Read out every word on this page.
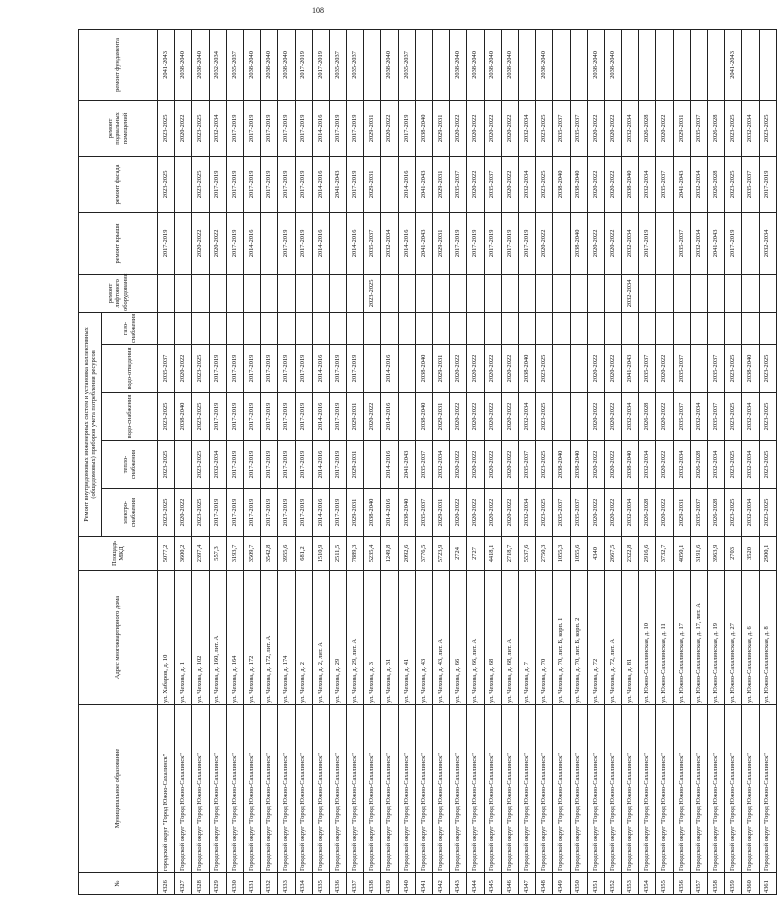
108
№	Муниципальное образование	Адрес многоквартирного дома	Площадь МКД	Ремонт внутридомовых инженерных систем и установка коллективных (общедомовых) приборов учета потребления ресурсов					ремонт лифтового оборудования	ремонт крыши	ремонт фасада	ремонт подвальных помещений	ремонт фундамента

				электро-снабжения	тепло-снабжения	водо-снабжения	водо-отведения	газо-снабжения					
4326	городской округ "Город Южно-Сахалинск"	ул. Хабаров, д. 10	5077,2	2023-2025	2023-2025	2023-2025	2035-2037			2017-2019	2023-2025	2023-2025	2041-2043
4327	Городской округ "Город Южно-Сахалинск"	ул. Чехова, д. 1	3600,2	2020-2022		2038-2040	2020-2022					2020-2022	2038-2040
4328	Городской округ "Город Южно-Сахалинск"	ул. Чехова, д. 102	2397,4	2023-2025	2023-2025	2023-2025	2023-2025			2020-2022	2023-2025	2023-2025	2038-2040
4329	Городской округ "Город Южно-Сахалинск"	ул. Чехова, д. 160, лит. А	557,3	2017-2019	2032-2034	2017-2019	2017-2019			2020-2022	2017-2019	2032-2034	2032-2034
4330	Городской округ "Город Южно-Сахалинск"	ул. Чехова, д. 164	3193,7	2017-2019	2017-2019	2017-2019	2017-2019			2017-2019	2017-2019	2017-2019	2035-2037
4331	Городской округ "Город Южно-Сахалинск"	ул. Чехова, д. 172	3509,7	2017-2019	2017-2019	2017-2019	2017-2019			2014-2016	2017-2019	2017-2019	2038-2040
4332	Городской округ "Город Южно-Сахалинск"	ул. Чехова, д. 172, лит. А	3542,8	2017-2019	2017-2019	2017-2019	2017-2019				2017-2019	2017-2019	2038-2040
4333	Городской округ "Город Южно-Сахалинск"	ул. Чехова, д. 174	3955,6	2017-2019	2017-2019	2017-2019	2017-2019			2017-2019	2017-2019	2017-2019	2038-2040
4334	Городской округ "Город Южно-Сахалинск"	ул. Чехова, д. 2	681,2	2017-2019	2017-2019	2017-2019	2017-2019			2017-2019	2017-2019	2017-2019	2017-2019
4335	Городской округ "Город Южно-Сахалинск"	ул. Чехова, д. 2, лит. А	1510,9	2014-2016	2014-2016	2014-2016	2014-2016			2014-2016	2014-2016	2014-2016	2017-2019
4336	Городской округ "Город Южно-Сахалинск"	ул. Чехова, д. 29	2511,5	2017-2019	2017-2019	2017-2019	2017-2019				2041-2043	2017-2019	2035-2037
4337	Городской округ "Город Южно-Сахалинск"	ул. Чехова, д. 29, лит. А	7889,3	2029-2031	2029-2031	2029-2031	2017-2019			2014-2016	2017-2019	2017-2019	2035-2037
4338	Городской округ "Город Южно-Сахалинск"	ул. Чехова, д. 3	5235,4	2038-2040		2020-2022			2023-2025	2035-2037	2029-2031	2029-2031	
4339	Городской округ "Город Южно-Сахалинск"	ул. Чехова, д. 31	1249,8	2014-2016	2014-2016	2014-2016	2014-2016			2032-2034		2020-2022	2038-2040
4340	Городской округ "Город Южно-Сахалинск"	ул. Чехова, д. 41	2092,6	2038-2040	2041-2043					2014-2016	2014-2016	2017-2019	2035-2037
4341	Городской округ "Город Южно-Сахалинск"	ул. Чехова, д. 43	3776,5	2035-2037	2035-2037	2038-2040	2038-2040			2041-2043	2041-2043	2038-2040	
4342	Городской округ "Город Южно-Сахалинск"	ул. Чехова, д. 43, лит. А	5723,9	2029-2031	2032-2034	2029-2031	2029-2031			2029-2031	2029-2031	2029-2031	
4343	Городской округ "Город Южно-Сахалинск"	ул. Чехова, д. 66	2724	2020-2022	2020-2022	2020-2022	2020-2022			2017-2019	2035-2037	2020-2022	2038-2040
4344	Городской округ "Город Южно-Сахалинск"	ул. Чехова, д. 66, лит. А	2727	2020-2022	2020-2022	2020-2022	2020-2022			2017-2019	2020-2022	2020-2022	2038-2040
4345	Городской округ "Город Южно-Сахалинск"	ул. Чехова, д. 68	4418,1	2020-2022	2020-2022	2020-2022	2020-2022			2017-2019	2035-2037	2020-2022	2038-2040
4346	Городской округ "Город Южно-Сахалинск"	ул. Чехова, д. 68, лит. А	2718,7	2020-2022	2020-2022	2020-2022	2020-2022			2017-2019	2020-2022	2020-2022	2038-2040
4347	Городской округ "Город Южно-Сахалинск"	ул. Чехова, д. 7	5537,6	2032-2034	2035-2037	2032-2034	2038-2040			2017-2019	2032-2034	2032-2034	
4348	Городской округ "Город Южно-Сахалинск"	ул. Чехова, д. 70	2750,3	2023-2025	2023-2025	2023-2025	2023-2025			2020-2022	2023-2025	2023-2025	2038-2040
4349	Городской округ "Город Южно-Сахалинск"	ул. Чехова, д. 70, лит. Б, корп. 1	1055,3	2035-2037	2038-2040						2038-2040	2035-2037	
4350	Городской округ "Город Южно-Сахалинск"	ул. Чехова, д. 70, лит. Б, корп. 2	1055,6	2035-2037	2038-2040					2038-2040	2038-2040	2035-2037	
4351	Городской округ "Город Южно-Сахалинск"	ул. Чехова, д. 72	4340	2020-2022	2020-2022	2020-2022	2020-2022			2020-2022	2020-2022	2020-2022	2038-2040
4352	Городской округ "Город Южно-Сахалинск"	ул. Чехова, д. 72, лит. А	2667,5	2020-2022	2020-2022	2020-2022	2020-2022			2020-2022	2020-2022	2020-2022	2038-2040
4353	Городской округ "Город Южно-Сахалинск"	ул. Чехова, д. 81	2322,8	2032-2034	2038-2040	2032-2034	2041-2043		2032-2034	2032-2034	2038-2040	2032-2034	
4354	Городской округ "Город Южно-Сахалинск"	ул. Южно-Сахалинская, д. 10	2916,6	2026-2028	2032-2034	2026-2028	2035-2037			2017-2019	2032-2034	2026-2028	
4355	Городской округ "Город Южно-Сахалинск"	ул. Южно-Сахалинская, д. 11	3732,7	2020-2022	2020-2022	2020-2022	2020-2022				2035-2037	2020-2022	
4356	Городской округ "Город Южно-Сахалинск"	ул. Южно-Сахалинская, д. 17	4050,1	2029-2031	2032-2034	2035-2037	2035-2037			2035-2037	2041-2043	2029-2031	
4357	Городской округ "Город Южно-Сахалинск"	ул. Южно-Сахалинская, д. 17, лит. А	3191,6	2035-2037	2026-2028	2032-2034				2032-2034	2032-2034	2035-2037	
4358	Городской округ "Город Южно-Сахалинск"	ул. Южно-Сахалинская, д. 19	3963,9	2026-2028	2032-2034	2035-2037	2035-2037			2041-2043	2026-2028	2026-2028	
4359	Городской округ "Город Южно-Сахалинск"	ул. Южно-Сахалинская, д. 27	2703	2023-2025	2023-2025	2023-2025	2023-2025			2017-2019	2023-2025	2023-2025	2041-2043
4360	Городской округ "Город Южно-Сахалинск"	ул. Южно-Сахалинская, д. 6	3520	2032-2034	2032-2034	2032-2034	2038-2040				2035-2037	2032-2034	
4361	Городской округ "Город Южно-Сахалинск"	ул. Южно-Сахалинская, д. 8	2900,1	2023-2025	2023-2025	2023-2025	2023-2025			2032-2034	2017-2019	2023-2025	
